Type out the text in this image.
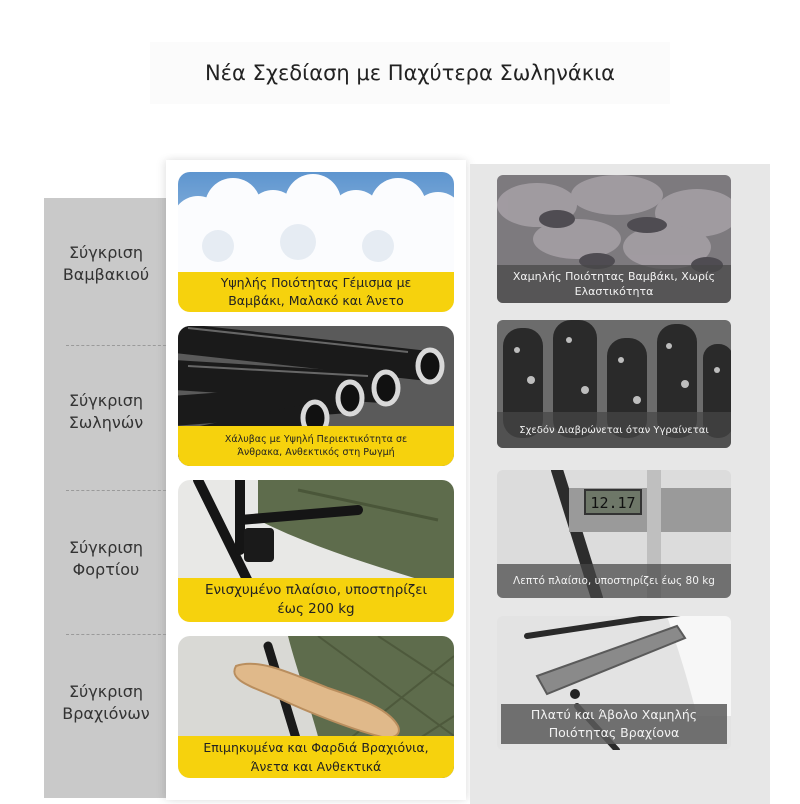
Νέα Σχεδίαση με Παχύτερα Σωληνάκια
Σύγκριση
Βαμβακιού
Σύγκριση
Σωληνών
Σύγκριση
Φορτίου
Σύγκριση
Βραχιόνων
Υψηλής Ποιότητας Γέμισμα με Βαμβάκι, Μαλακό και Άνετο
Χαμηλής Ποιότητας Βαμβάκι, Χωρίς Ελαστικότητα
Χάλυβας με Υψηλή Περιεκτικότητα σε Άνθρακα, Ανθεκτικός στη Ρωγμή
Σχεδόν Διαβρώνεται όταν Υγραίνεται
Ενισχυμένο πλαίσιο, υποστηρίζει έως 200 kg
12.17
Λεπτό πλαίσιο, υποστηρίζει έως 80 kg
Επιμηκυμένα και Φαρδιά Βραχιόνια, Άνετα και Ανθεκτικά
Πλατύ και Άβολο Χαμηλής Ποιότητας Βραχίονα
